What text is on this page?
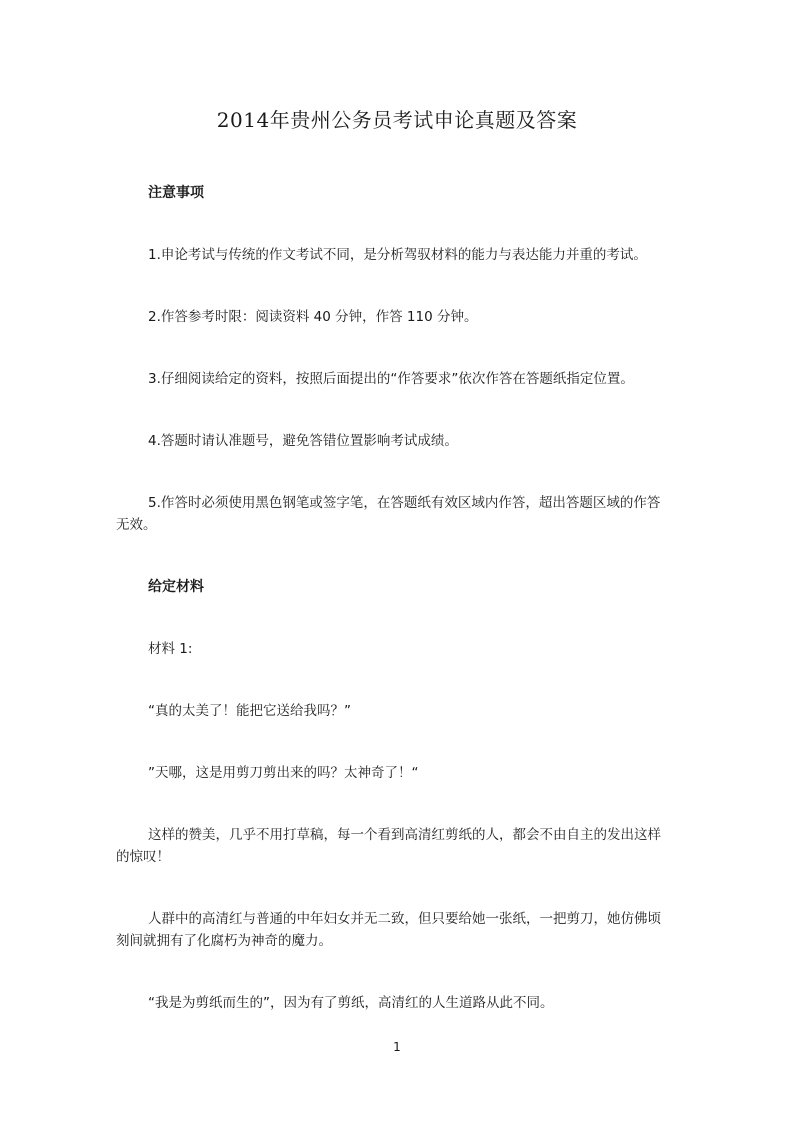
2014年贵州公务员考试申论真题及答案
注意事项
1.申论考试与传统的作文考试不同，是分析驾驭材料的能力与表达能力并重的考试。
2.作答参考时限：阅读资料 40 分钟，作答 110 分钟。
3.仔细阅读给定的资料，按照后面提出的“作答要求”依次作答在答题纸指定位置。
4.答题时请认准题号，避免答错位置影响考试成绩。
5.作答时必须使用黑色钢笔或签字笔，在答题纸有效区域内作答，超出答题区域的作答无效。
给定材料
材料 1:
“真的太美了！能把它送给我吗？”
”天哪，这是用剪刀剪出来的吗？太神奇了！“
这样的赞美，几乎不用打草稿，每一个看到高清红剪纸的人，都会不由自主的发出这样的惊叹！
人群中的高清红与普通的中年妇女并无二致，但只要给她一张纸，一把剪刀，她仿佛顷刻间就拥有了化腐朽为神奇的魔力。
“我是为剪纸而生的”，因为有了剪纸，高清红的人生道路从此不同。
1
